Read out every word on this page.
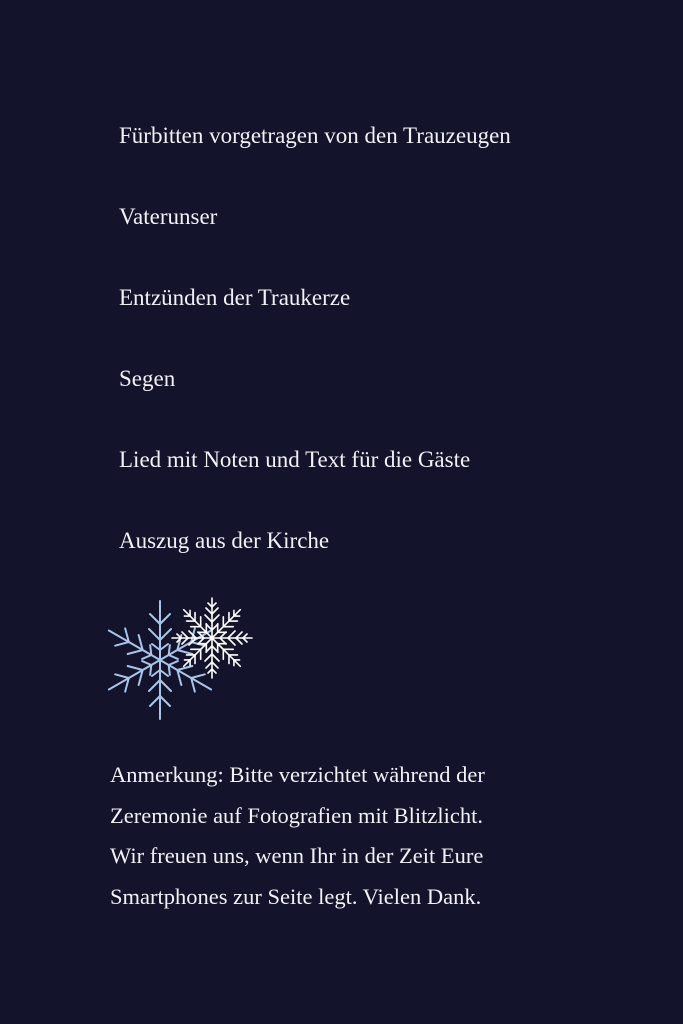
Fürbitten vorgetragen von den Trauzeugen
Vaterunser
Entzünden der Traukerze
Segen
Lied mit Noten und Text für die Gäste
Auszug aus der Kirche

Anmerkung: Bitte verzichtet während der
Zeremonie auf Fotografien mit Blitzlicht.
Wir freuen uns, wenn Ihr in der Zeit Eure
Smartphones zur Seite legt. Vielen Dank.
